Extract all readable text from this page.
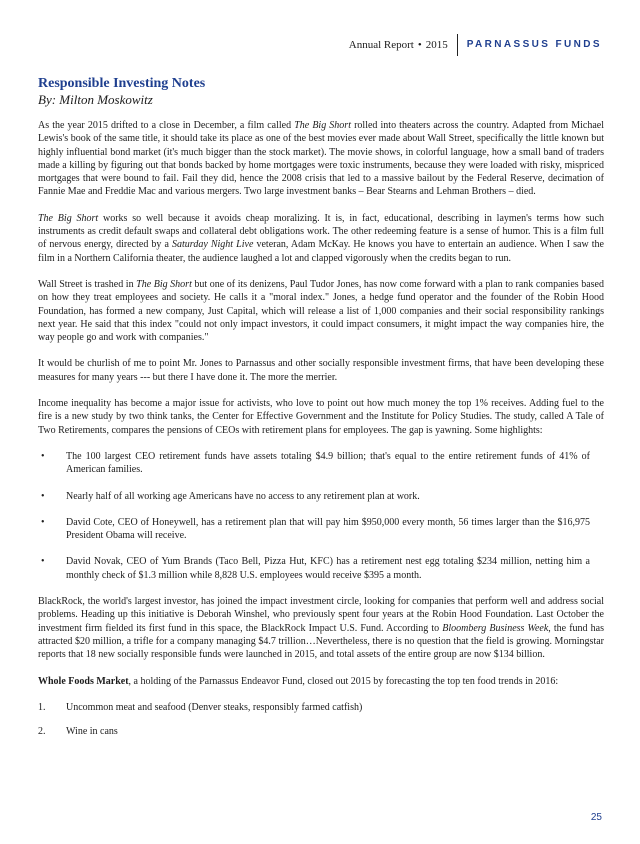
Annual Report • 2015	PARNASSUS FUNDS
Responsible Investing Notes
By: Milton Moskowitz

As the year 2015 drifted to a close in December, a film called The Big Short rolled into theaters across the country. Adapted from Michael Lewis's book of the same title, it should take its place as one of the best movies ever made about Wall Street, specifically the little known but highly influential bond market (it's much bigger than the stock market). The movie shows, in colorful language, how a small band of traders made a killing by figuring out that bonds backed by home mortgages were toxic instruments, because they were loaded with risky, mispriced mortgages that were bound to fail. Fail they did, hence the 2008 crisis that led to a massive bailout by the Federal Reserve, decimation of Fannie Mae and Freddie Mac and various mergers. Two large investment banks – Bear Stearns and Lehman Brothers – died.

The Big Short works so well because it avoids cheap moralizing. It is, in fact, educational, describing in laymen's terms how such instruments as credit default swaps and collateral debt obligations work. The other redeeming feature is a sense of humor. This is a film full of nervous energy, directed by a Saturday Night Live veteran, Adam McKay. He knows you have to entertain an audience. When I saw the film in a Northern California theater, the audience laughed a lot and clapped vigorously when the credits began to run.

Wall Street is trashed in The Big Short but one of its denizens, Paul Tudor Jones, has now come forward with a plan to rank companies based on how they treat employees and society. He calls it a "moral index." Jones, a hedge fund operator and the founder of the Robin Hood Foundation, has formed a new company, Just Capital, which will release a list of 1,000 companies and their social responsibility rankings next year. He said that this index "could not only impact investors, it could impact consumers, it might impact the way companies hire, the way people go and work with companies."

It would be churlish of me to point Mr. Jones to Parnassus and other socially responsible investment firms, that have been developing these measures for many years --- but there I have done it. The more the merrier.

Income inequality has become a major issue for activists, who love to point out how much money the top 1% receives. Adding fuel to the fire is a new study by two think tanks, the Center for Effective Government and the Institute for Policy Studies. The study, called A Tale of Two Retirements, compares the pensions of CEOs with retirement plans for employees. The gap is yawning. Some highlights:

• The 100 largest CEO retirement funds have assets totaling $4.9 billion; that's equal to the entire retirement funds of 41% of American families.
• Nearly half of all working age Americans have no access to any retirement plan at work.
• David Cote, CEO of Honeywell, has a retirement plan that will pay him $950,000 every month, 56 times larger than the $16,975 President Obama will receive.
• David Novak, CEO of Yum Brands (Taco Bell, Pizza Hut, KFC) has a retirement nest egg totaling $234 million, netting him a monthly check of $1.3 million while 8,828 U.S. employees would receive $395 a month.

BlackRock, the world's largest investor, has joined the impact investment circle, looking for companies that perform well and address social problems. Heading up this initiative is Deborah Winshel, who previously spent four years at the Robin Hood Foundation. Last October the investment firm fielded its first fund in this space, the BlackRock Impact U.S. Fund. According to Bloomberg Business Week, the fund has attracted $20 million, a trifle for a company managing $4.7 trillion…Nevertheless, there is no question that the field is growing. Morningstar reports that 18 new socially responsible funds were launched in 2015, and total assets of the entire group are now $134 billion.

Whole Foods Market, a holding of the Parnassus Endeavor Fund, closed out 2015 by forecasting the top ten food trends in 2016:

1. Uncommon meat and seafood (Denver steaks, responsibly farmed catfish)
2. Wine in cans
25
